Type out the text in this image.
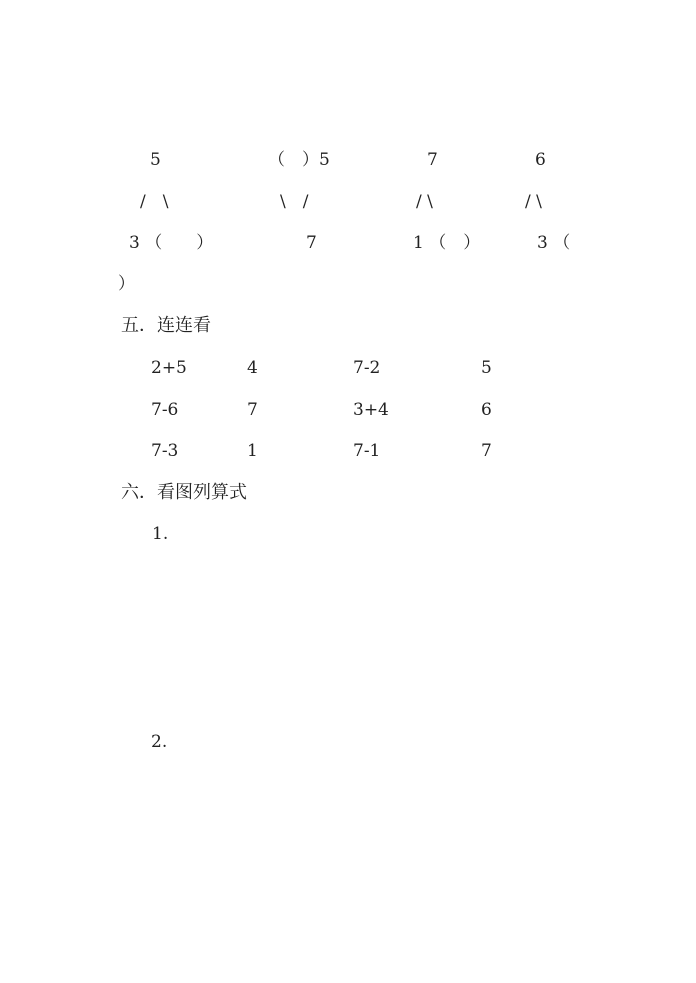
5	（　）5	7	6
/　\	\　/	/ \	/ \
3 （　　）	7	1 （　）	3 （
）
五．连连看
2+5	4	7-2	5
7-6	7	3+4	6
7-3	1	7-1	7
六．看图列算式
1.
2.
